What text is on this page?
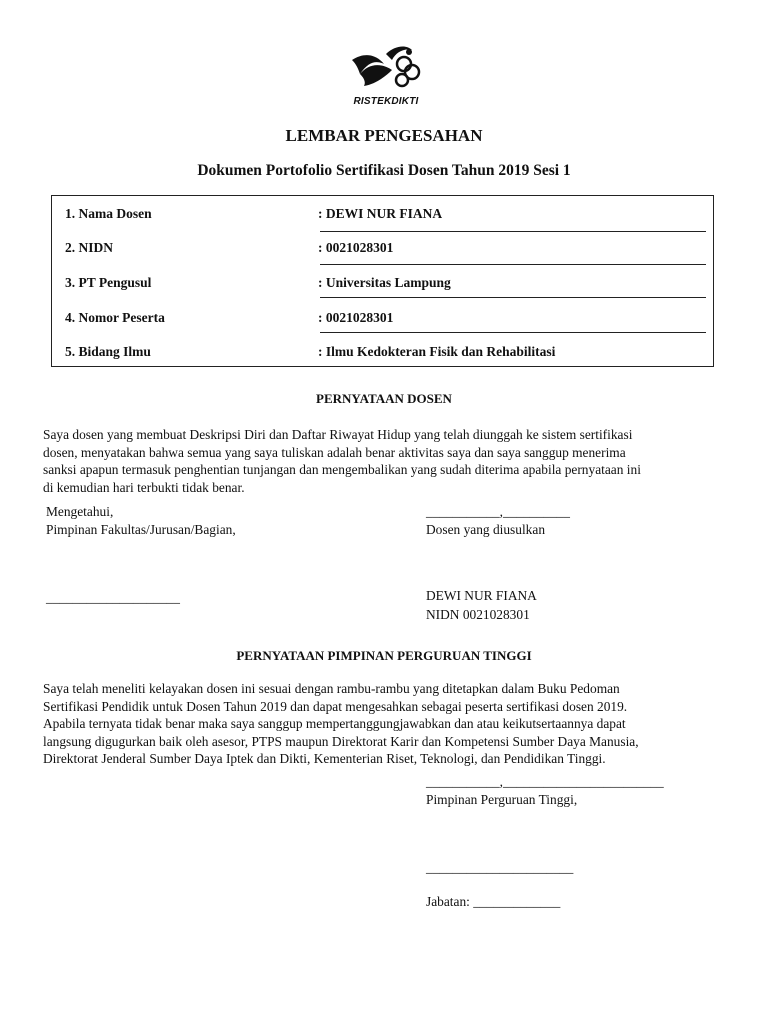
RISTEKDIKTI
LEMBAR PENGESAHAN
Dokumen Portofolio Sertifikasi Dosen Tahun 2019 Sesi 1
1. Nama Dosen	: DEWI NUR FIANA
2. NIDN	: 0021028301
3. PT Pengusul	: Universitas Lampung
4. Nomor Peserta	: 0021028301
5. Bidang Ilmu	: Ilmu Kedokteran Fisik dan Rehabilitasi
PERNYATAAN DOSEN
Saya dosen yang membuat Deskripsi Diri dan Daftar Riwayat Hidup yang telah diunggah ke sistem sertifikasi
dosen, menyatakan bahwa semua yang saya tuliskan adalah benar aktivitas saya dan saya sanggup menerima
sanksi apapun termasuk penghentian tunjangan dan mengembalikan yang sudah diterima apabila pernyataan ini
di kemudian hari terbukti tidak benar.
Mengetahui,
Pimpinan Fakultas/Jurusan/Bagian,
____________________
___________,__________
Dosen yang diusulkan
DEWI NUR FIANA
NIDN 0021028301
PERNYATAAN PIMPINAN PERGURUAN TINGGI
Saya telah meneliti kelayakan dosen ini sesuai dengan rambu-rambu yang ditetapkan dalam Buku Pedoman
Sertifikasi Pendidik untuk Dosen Tahun 2019 dan dapat mengesahkan sebagai peserta sertifikasi dosen 2019.
Apabila ternyata tidak benar maka saya sanggup mempertanggungjawabkan dan atau keikutsertaannya dapat
langsung digugurkan baik oleh asesor, PTPS maupun Direktorat Karir dan Kompetensi Sumber Daya Manusia,
Direktorat Jenderal Sumber Daya Iptek dan Dikti, Kementerian Riset, Teknologi, dan Pendidikan Tinggi.
___________,________________________
Pimpinan Perguruan Tinggi,
______________________
Jabatan: _____________
